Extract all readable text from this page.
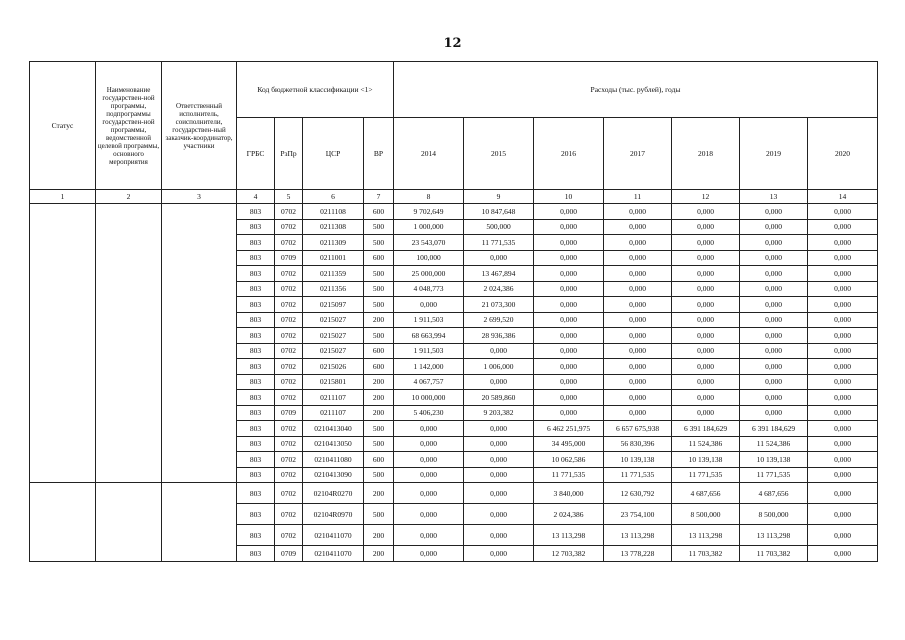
12
Статус	Наименование государствен-ной программы, подпрограммы государствен-ной программы, ведомственной целевой программы, основного мероприятия	Ответственный исполнитель, соисполнители, государствен-ный заказчик-координатор, участники	Код бюджетной классификации <1>				Расходы (тыс. рублей), годы						
			ГРБС	РзПр	ЦСР	ВР	2014	2015	2016	2017	2018	2019	2020
1	2	3	4	5	6	7	8	9	10	11	12	13	14
			803	0702	0211108	600	9 702,649	10 847,648	0,000	0,000	0,000	0,000	0,000
			803	0702	0211308	500	1 000,000	500,000	0,000	0,000	0,000	0,000	0,000
			803	0702	0211309	500	23 543,070	11 771,535	0,000	0,000	0,000	0,000	0,000
			803	0709	0211001	600	100,000	0,000	0,000	0,000	0,000	0,000	0,000
			803	0702	0211359	500	25 000,000	13 467,894	0,000	0,000	0,000	0,000	0,000
			803	0702	0211356	500	4 048,773	2 024,386	0,000	0,000	0,000	0,000	0,000
			803	0702	0215097	500	0,000	21 073,300	0,000	0,000	0,000	0,000	0,000
			803	0702	0215027	200	1 911,503	2 699,520	0,000	0,000	0,000	0,000	0,000
			803	0702	0215027	500	68 663,994	28 936,386	0,000	0,000	0,000	0,000	0,000
			803	0702	0215027	600	1 911,503	0,000	0,000	0,000	0,000	0,000	0,000
			803	0702	0215026	600	1 142,000	1 006,000	0,000	0,000	0,000	0,000	0,000
			803	0702	0215801	200	4 067,757	0,000	0,000	0,000	0,000	0,000	0,000
			803	0702	0211107	200	10 000,000	20 589,860	0,000	0,000	0,000	0,000	0,000
			803	0709	0211107	200	5 406,230	9 203,382	0,000	0,000	0,000	0,000	0,000
			803	0702	0210413040	500	0,000	0,000	6 462 251,975	6 657 675,938	6 391 184,629	6 391 184,629	0,000
			803	0702	0210413050	500	0,000	0,000	34 495,000	56 830,396	11 524,386	11 524,386	0,000
			803	0702	0210411080	600	0,000	0,000	10 062,586	10 139,138	10 139,138	10 139,138	0,000
			803	0702	0210413090	500	0,000	0,000	11 771,535	11 771,535	11 771,535	11 771,535	0,000
			803	0702	02104R0270	200	0,000	0,000	3 840,000	12 630,792	4 687,656	4 687,656	0,000
			803	0702	02104R0970	500	0,000	0,000	2 024,386	23 754,100	8 500,000	8 500,000	0,000
			803	0702	0210411070	200	0,000	0,000	13 113,298	13 113,298	13 113,298	13 113,298	0,000
			803	0709	0210411070	200	0,000	0,000	12 703,382	13 778,228	11 703,382	11 703,382	0,000
